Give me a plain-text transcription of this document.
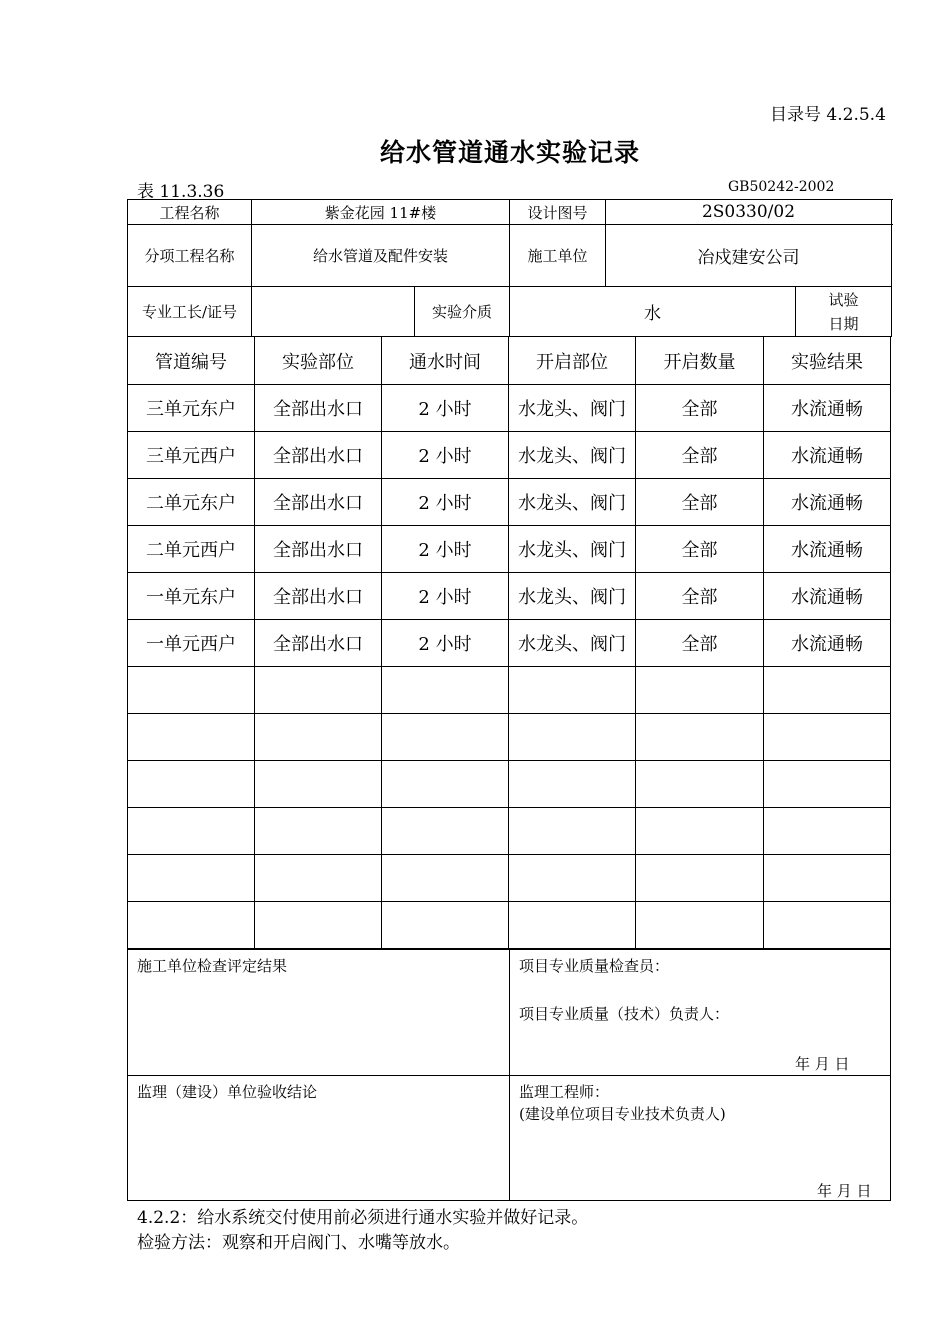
目录号 4.2.5.4
给水管道通水实验记录
表 11.3.36	GB50242-2002
工程名称	紫金花园 11#楼		设计图号	2S0330/02		
分项工程名称	给水管道及配件安装		施工单位	冶戍建安公司		
专业工长/证号		实验介质	水		试验
日期	
管道编号	实验部位	通水时间	开启部位	开启数量	实验结果
三单元东户	全部出水口	2 小时	水龙头、阀门	全部	水流通畅
三单元西户	全部出水口	2 小时	水龙头、阀门	全部	水流通畅
二单元东户	全部出水口	2 小时	水龙头、阀门	全部	水流通畅
二单元西户	全部出水口	2 小时	水龙头、阀门	全部	水流通畅
一单元东户	全部出水口	2 小时	水龙头、阀门	全部	水流通畅
一单元西户	全部出水口	2 小时	水龙头、阀门	全部	水流通畅

施工单位检查评定结果	项目专业质量检查员：
项目专业质量（技术）负责人：
年 月 日

监理（建设）单位验收结论	监理工程师：
(建设单位项目专业技术负责人)
年 月 日
4.2.2：给水系统交付使用前必须进行通水实验并做好记录。
检验方法：观察和开启阀门、水嘴等放水。
